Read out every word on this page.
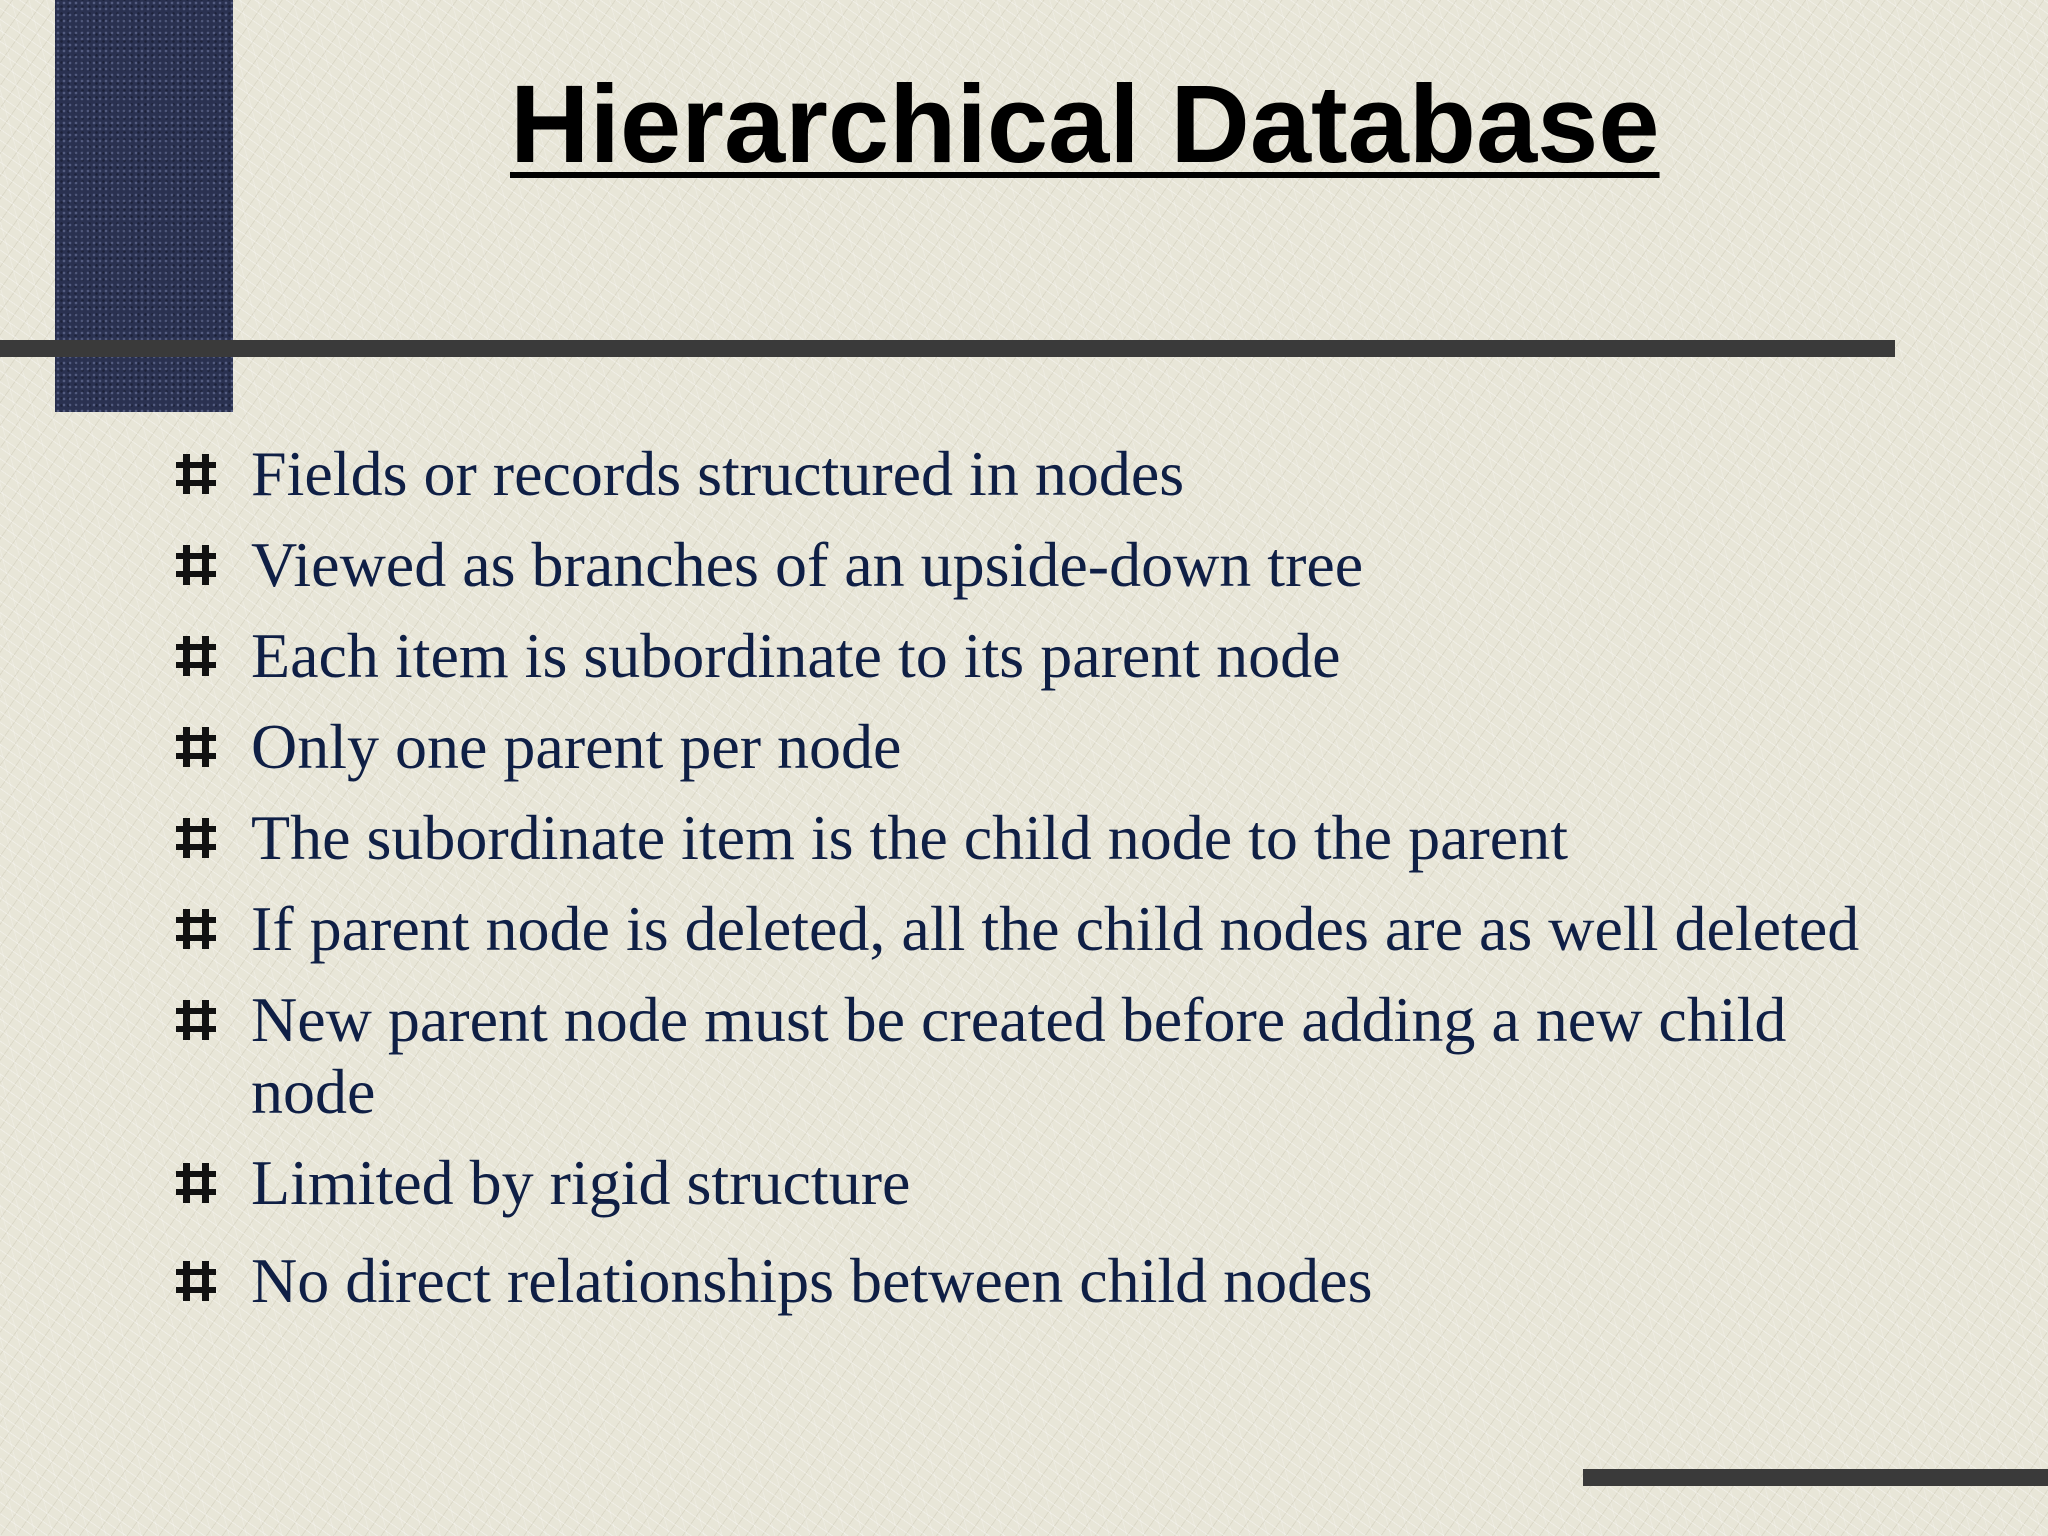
Hierarchical Database
Fields or records structured in nodes
Viewed as branches of an upside-down tree
Each item is subordinate to its parent node
Only one parent per node
The subordinate item is the child node to the parent
If parent node is deleted, all the child nodes are as well deleted
New parent node must be created before adding a new child node
Limited by rigid structure
No direct relationships between child nodes
